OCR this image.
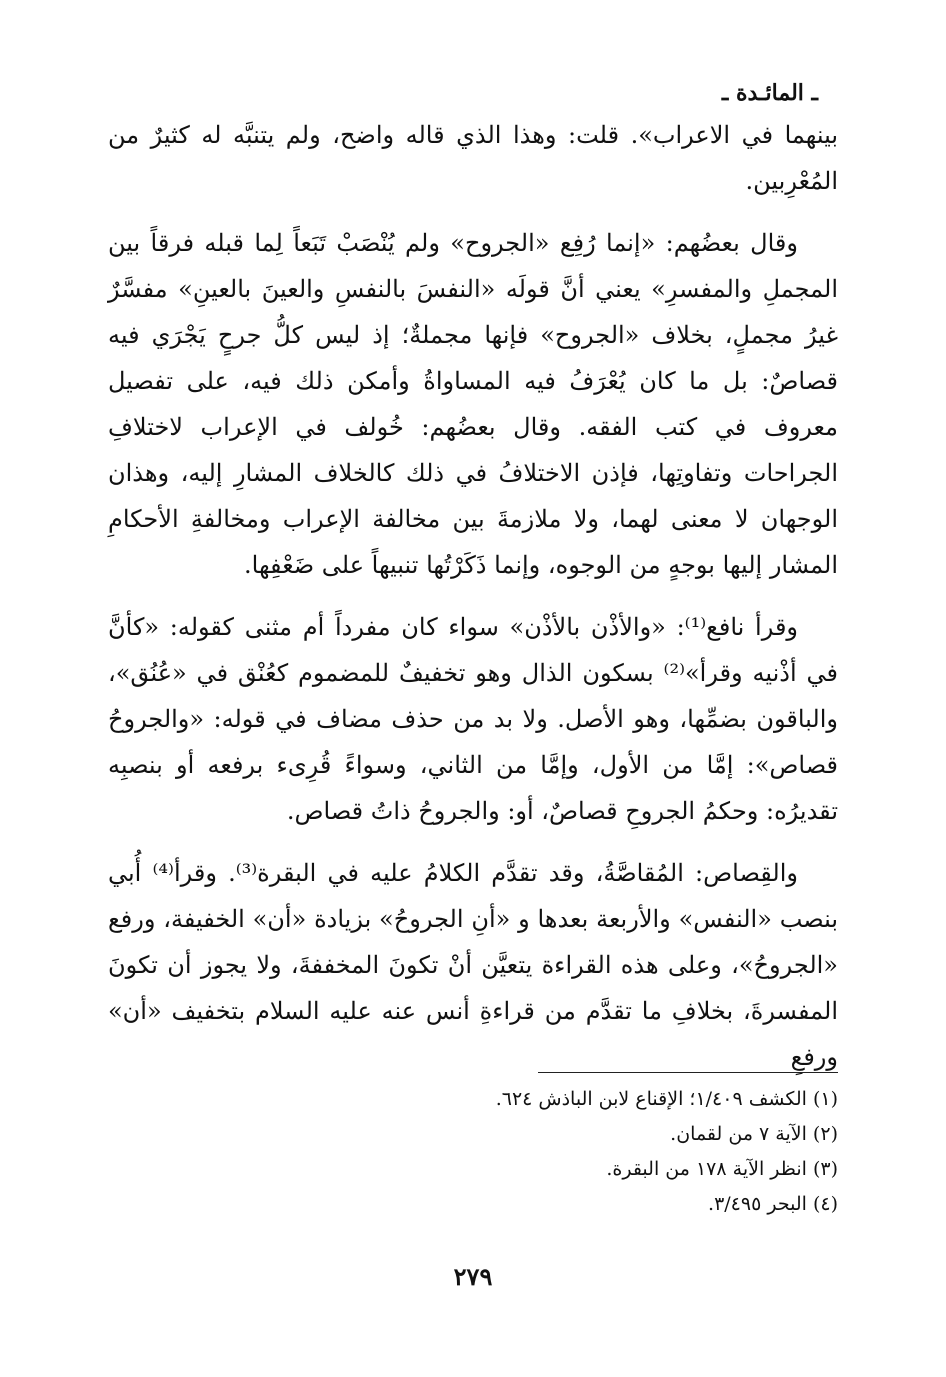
ـ المائـدة ـ

بينهما في الاعراب». قلت: وهذا الذي قاله واضح، ولم يتنبَّه له كثيرٌ من المُعْرِبين.

وقال بعضُهم: «إنما رُفِع «الجروح» ولم يُنْصَبْ تَبَعاً لِما قبله فرقاً بين المجملِ والمفسرِ» يعني أنَّ قولَه «النفسَ بالنفسِ والعينَ بالعينِ» مفسَّرٌ غيرُ مجملٍ، بخلاف «الجروح» فإنها مجملةٌ؛ إذ ليس كلُّ جرحٍ يَجْرَي فيه قصاصٌ: بل ما كان يُعْرَفُ فيه المساواةُ وأمكن ذلك فيه، على تفصيل معروف في كتب الفقه. وقال بعضُهم: خُولف في الإعراب لاختلافِ الجراحات وتفاوتِها، فإذن الاختلافُ في ذلك كالخلاف المشارِ إليه، وهذان الوجهان لا معنى لهما، ولا ملازمةَ بين مخالفة الإعراب ومخالفةِ الأحكامِ المشار إليها بوجهٍ من الوجوه، وإنما ذَكَرْتُها تنبيهاً على ضَعْفِها.

وقرأ نافع⁽¹⁾: «والأذْن بالأذْن» سواء كان مفرداً أم مثنى كقوله: «كأنَّ في أذْنيه وقرأ»⁽²⁾ بسكون الذال وهو تخفيفٌ للمضموم كعُنْق في «عُنُق»، والباقون بضمِّها، وهو الأصل. ولا بد من حذف مضاف في قوله: «والجروحُ قصاص»: إمَّا من الأول، وإمَّا من الثاني، وسواءً قُرِىء برفعه أو بنصبِه تقديرُه: وحكمُ الجروحِ قصاصٌ، أو: والجروحُ ذاتُ قصاص.

والقِصاص: المُقاصَّةُ، وقد تقدَّم الكلامُ عليه في البقرة⁽³⁾. وقرأ⁽⁴⁾ أُبي بنصب «النفس» والأربعة بعدها و «أنِ الجروحُ» بزيادة «أن» الخفيفة، ورفع «الجروحُ»، وعلى هذه القراءة يتعيَّن أنْ تكونَ المخففةَ، ولا يجوز أن تكونَ المفسرةَ، بخلافِ ما تقدَّم من قراءةِ أنس عنه عليه السلام بتخفيف «أن» ورفعِ

(١) الكشف ١/٤٠٩؛ الإقناع لابن الباذش ٦٢٤.

(٢) الآية ٧ من لقمان.

(٣) انظر الآية ١٧٨ من البقرة.

(٤) البحر ٣/٤٩٥.

٢٧٩
